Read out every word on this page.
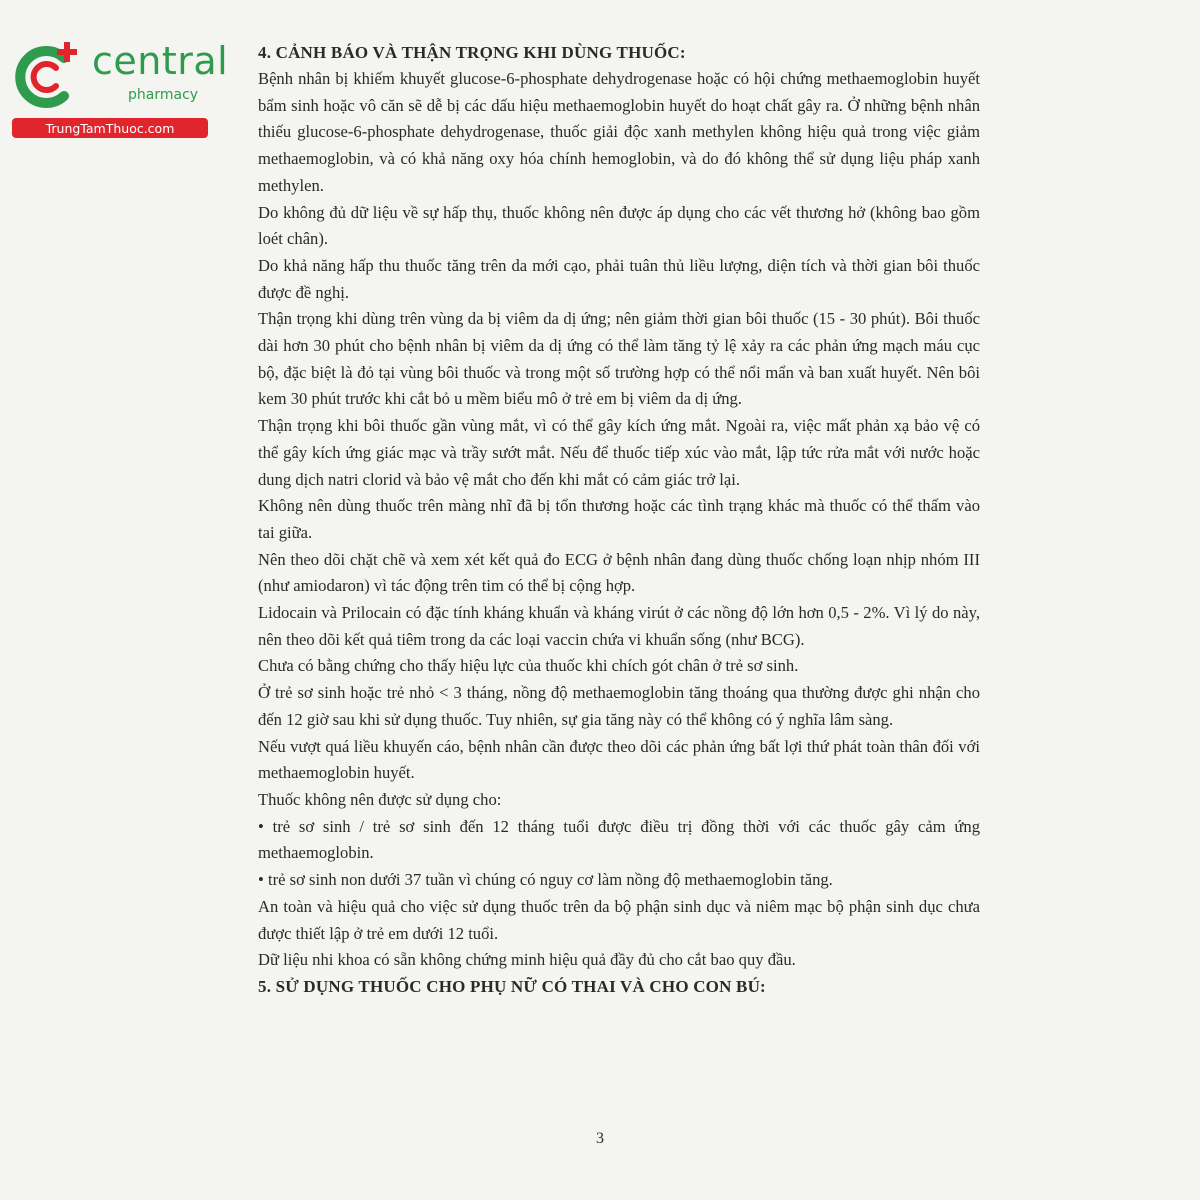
central
pharmacy
TrungTamThuoc.com

4. CẢNH BÁO VÀ THẬN TRỌNG KHI DÙNG THUỐC:

Bệnh nhân bị khiếm khuyết glucose-6-phosphate dehydrogenase hoặc có hội chứng methaemoglobin huyết bẩm sinh hoặc vô căn sẽ dễ bị các dấu hiệu methaemoglobin huyết do hoạt chất gây ra. Ở những bệnh nhân thiếu glucose-6-phosphate dehydrogenase, thuốc giải độc xanh methylen không hiệu quả trong việc giảm methaemoglobin, và có khả năng oxy hóa chính hemoglobin, và do đó không thể sử dụng liệu pháp xanh methylen.

Do không đủ dữ liệu về sự hấp thụ, thuốc không nên được áp dụng cho các vết thương hở (không bao gồm loét chân).

Do khả năng hấp thu thuốc tăng trên da mới cạo, phải tuân thủ liều lượng, diện tích và thời gian bôi thuốc được đề nghị.

Thận trọng khi dùng trên vùng da bị viêm da dị ứng; nên giảm thời gian bôi thuốc (15 - 30 phút). Bôi thuốc dài hơn 30 phút cho bệnh nhân bị viêm da dị ứng có thể làm tăng tỷ lệ xảy ra các phản ứng mạch máu cục bộ, đặc biệt là đỏ tại vùng bôi thuốc và trong một số trường hợp có thể nổi mẩn và ban xuất huyết. Nên bôi kem 30 phút trước khi cắt bỏ u mềm biểu mô ở trẻ em bị viêm da dị ứng.

Thận trọng khi bôi thuốc gần vùng mắt, vì có thể gây kích ứng mắt. Ngoài ra, việc mất phản xạ bảo vệ có thể gây kích ứng giác mạc và trầy sướt mắt. Nếu để thuốc tiếp xúc vào mắt, lập tức rửa mắt với nước hoặc dung dịch natri clorid và bảo vệ mắt cho đến khi mắt có cảm giác trở lại.

Không nên dùng thuốc trên màng nhĩ đã bị tổn thương hoặc các tình trạng khác mà thuốc có thể thấm vào tai giữa.

Nên theo dõi chặt chẽ và xem xét kết quả đo ECG ở bệnh nhân đang dùng thuốc chống loạn nhịp nhóm III (như amiodaron) vì tác động trên tim có thể bị cộng hợp.

Lidocain và Prilocain có đặc tính kháng khuẩn và kháng virút ở các nồng độ lớn hơn 0,5 - 2%. Vì lý do này, nên theo dõi kết quả tiêm trong da các loại vaccin chứa vi khuẩn sống (như BCG).

Chưa có bằng chứng cho thấy hiệu lực của thuốc khi chích gót chân ở trẻ sơ sinh.

Ở trẻ sơ sinh hoặc trẻ nhỏ < 3 tháng, nồng độ methaemoglobin tăng thoáng qua thường được ghi nhận cho đến 12 giờ sau khi sử dụng thuốc. Tuy nhiên, sự gia tăng này có thể không có ý nghĩa lâm sàng.

Nếu vượt quá liều khuyến cáo, bệnh nhân cần được theo dõi các phản ứng bất lợi thứ phát toàn thân đối với methaemoglobin huyết.

Thuốc không nên được sử dụng cho:

• trẻ sơ sinh / trẻ sơ sinh đến 12 tháng tuổi được điều trị đồng thời với các thuốc gây cảm ứng methaemoglobin.

• trẻ sơ sinh non dưới 37 tuần vì chúng có nguy cơ làm nồng độ methaemoglobin tăng.

An toàn và hiệu quả cho việc sử dụng thuốc trên da bộ phận sinh dục và niêm mạc bộ phận sinh dục chưa được thiết lập ở trẻ em dưới 12 tuổi.

Dữ liệu nhi khoa có sẵn không chứng minh hiệu quả đầy đủ cho cắt bao quy đầu.

5. SỬ DỤNG THUỐC CHO PHỤ NỮ CÓ THAI VÀ CHO CON BÚ:

3
